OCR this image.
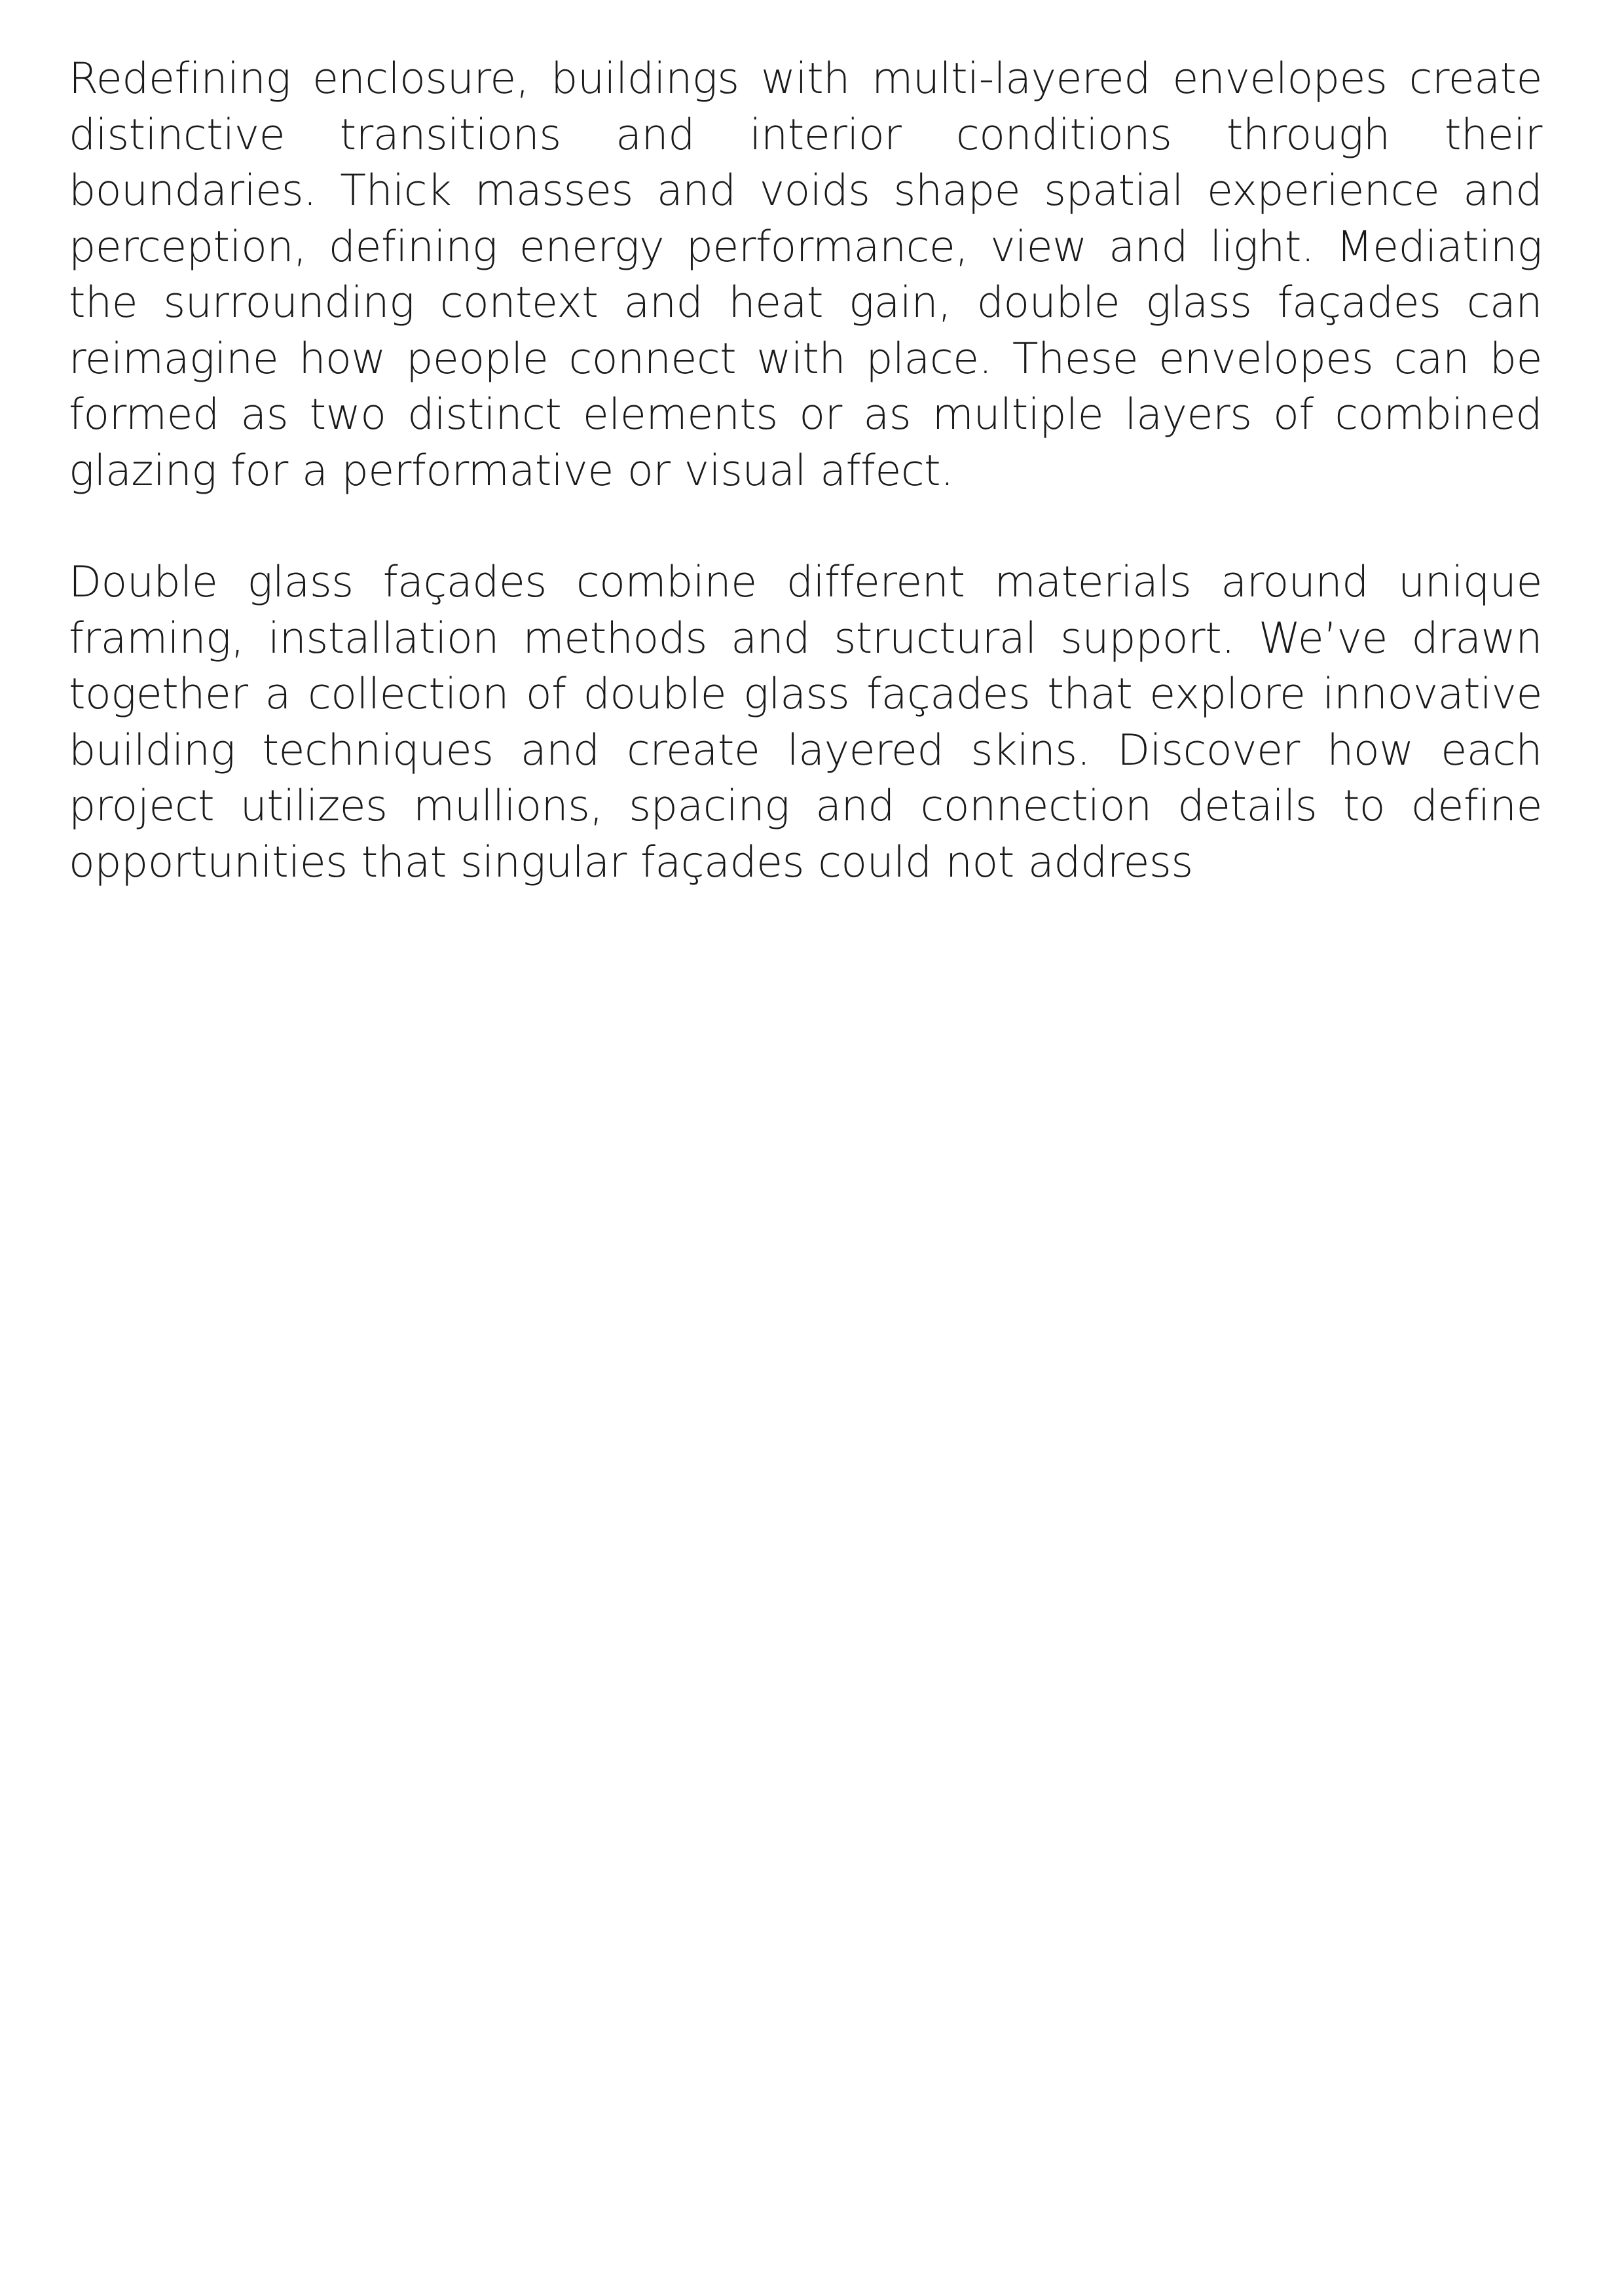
Redefining enclosure, buildings with multi-layered envelopes create distinctive transitions and interior conditions through their boundaries. Thick masses and voids shape spatial experience and perception, defining energy performance, view and light. Mediating the surrounding context and heat gain, double glass façades can reimagine how people connect with place. These envelopes can be formed as two distinct elements or as multiple layers of combined glazing for a performative or visual affect.

Double glass façades combine different materials around unique framing, installation methods and structural support. We’ve drawn together a collection of double glass façades that explore innovative building techniques and create layered skins. Discover how each project utilizes mullions, spacing and connection details to define opportunities that singular façades could not address
